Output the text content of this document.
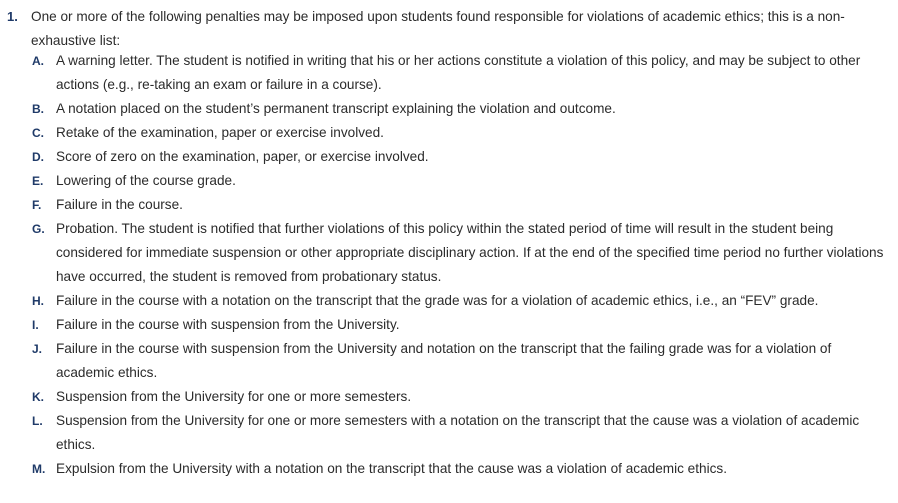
1. One or more of the following penalties may be imposed upon students found responsible for violations of academic ethics; this is a non-exhaustive list:
A. A warning letter. The student is notified in writing that his or her actions constitute a violation of this policy, and may be subject to other actions (e.g., re-taking an exam or failure in a course).
B. A notation placed on the student’s permanent transcript explaining the violation and outcome.
C. Retake of the examination, paper or exercise involved.
D. Score of zero on the examination, paper, or exercise involved.
E. Lowering of the course grade.
F. Failure in the course.
G. Probation. The student is notified that further violations of this policy within the stated period of time will result in the student being considered for immediate suspension or other appropriate disciplinary action. If at the end of the specified time period no further violations have occurred, the student is removed from probationary status.
H. Failure in the course with a notation on the transcript that the grade was for a violation of academic ethics, i.e., an “FEV” grade.
I. Failure in the course with suspension from the University.
J. Failure in the course with suspension from the University and notation on the transcript that the failing grade was for a violation of academic ethics.
K. Suspension from the University for one or more semesters.
L. Suspension from the University for one or more semesters with a notation on the transcript that the cause was a violation of academic ethics.
M. Expulsion from the University with a notation on the transcript that the cause was a violation of academic ethics.
